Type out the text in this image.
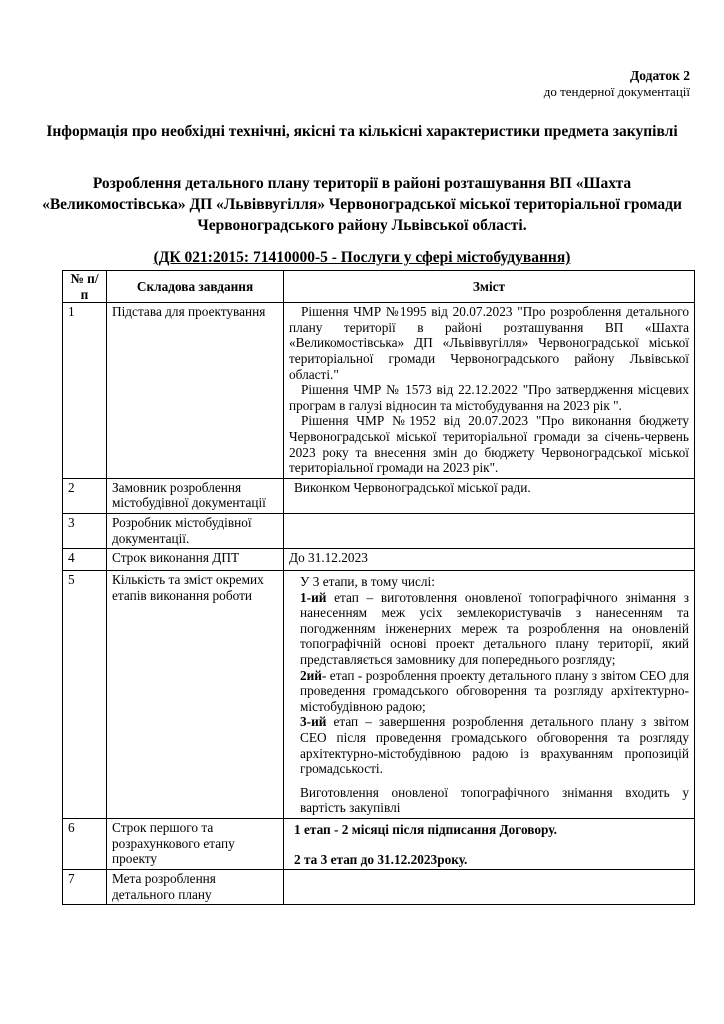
Додаток 2
до тендерної документації
Інформація про необхідні технічні, якісні та кількісні характеристики предмета закупівлі
Розроблення детального плану території в районі розташування ВП «Шахта «Великомостівська» ДП «Львіввугілля» Червоноградської міської територіальної громади Червоноградського району Львівської області.
(ДК 021:2015: 71410000-5 - Послуги у сфері містобудування)
№ п/п	Складова завдання	Зміст
1	Підстава для проектування	Рішення ЧМР №1995 від 20.07.2023 "Про розроблення детального плану території в районі розташування ВП «Шахта «Великомостівська» ДП «Львіввугілля» Червоноградської міської територіальної громади Червоноградського району Львівської області."

Рішення ЧМР № 1573 від 22.12.2022 "Про затвердження місцевих програм в галузі відносин та містобудування на 2023 рік ".

Рішення ЧМР №1952 від 20.07.2023 "Про виконання бюджету Червоноградської міської територіальної громади за січень-червень 2023 року та внесення змін до бюджету Червоноградської міської територіальної громади на 2023 рік".

2	Замовник розроблення містобудівної документації	Виконком Червоноградської міської ради.
3	Розробник містобудівної документації.	
4	Строк виконання ДПТ	До 31.12.2023
5	Кількість та зміст окремих етапів виконання роботи	У 3 етапи, в тому числі:

1-ий етап – виготовлення оновленої топографічного знімання з нанесенням меж усіх землекористувачів з нанесенням та погодженням інженерних мереж та розроблення на оновленій топографічній основі проект детального плану території, який представляється замовнику для попереднього розгляду;

2ий- етап - розроблення проекту детального плану з звітом СЕО для проведення громадського обговорення та розгляду архітектурно-містобудівною радою;

3-ий етап – завершення розроблення детального плану з звітом СЕО після проведення громадського обговорення та розгляду архітектурно-містобудівною радою із врахуванням пропозицій громадськості.

Виготовлення оновленої топографічного знімання входить у вартість закупівлі

6	Строк першого та розрахункового етапу проекту	1 етап - 2 місяці після підписання Договору.

2 та 3 етап до 31.12.2023року.

7	Мета розроблення детального плану	
